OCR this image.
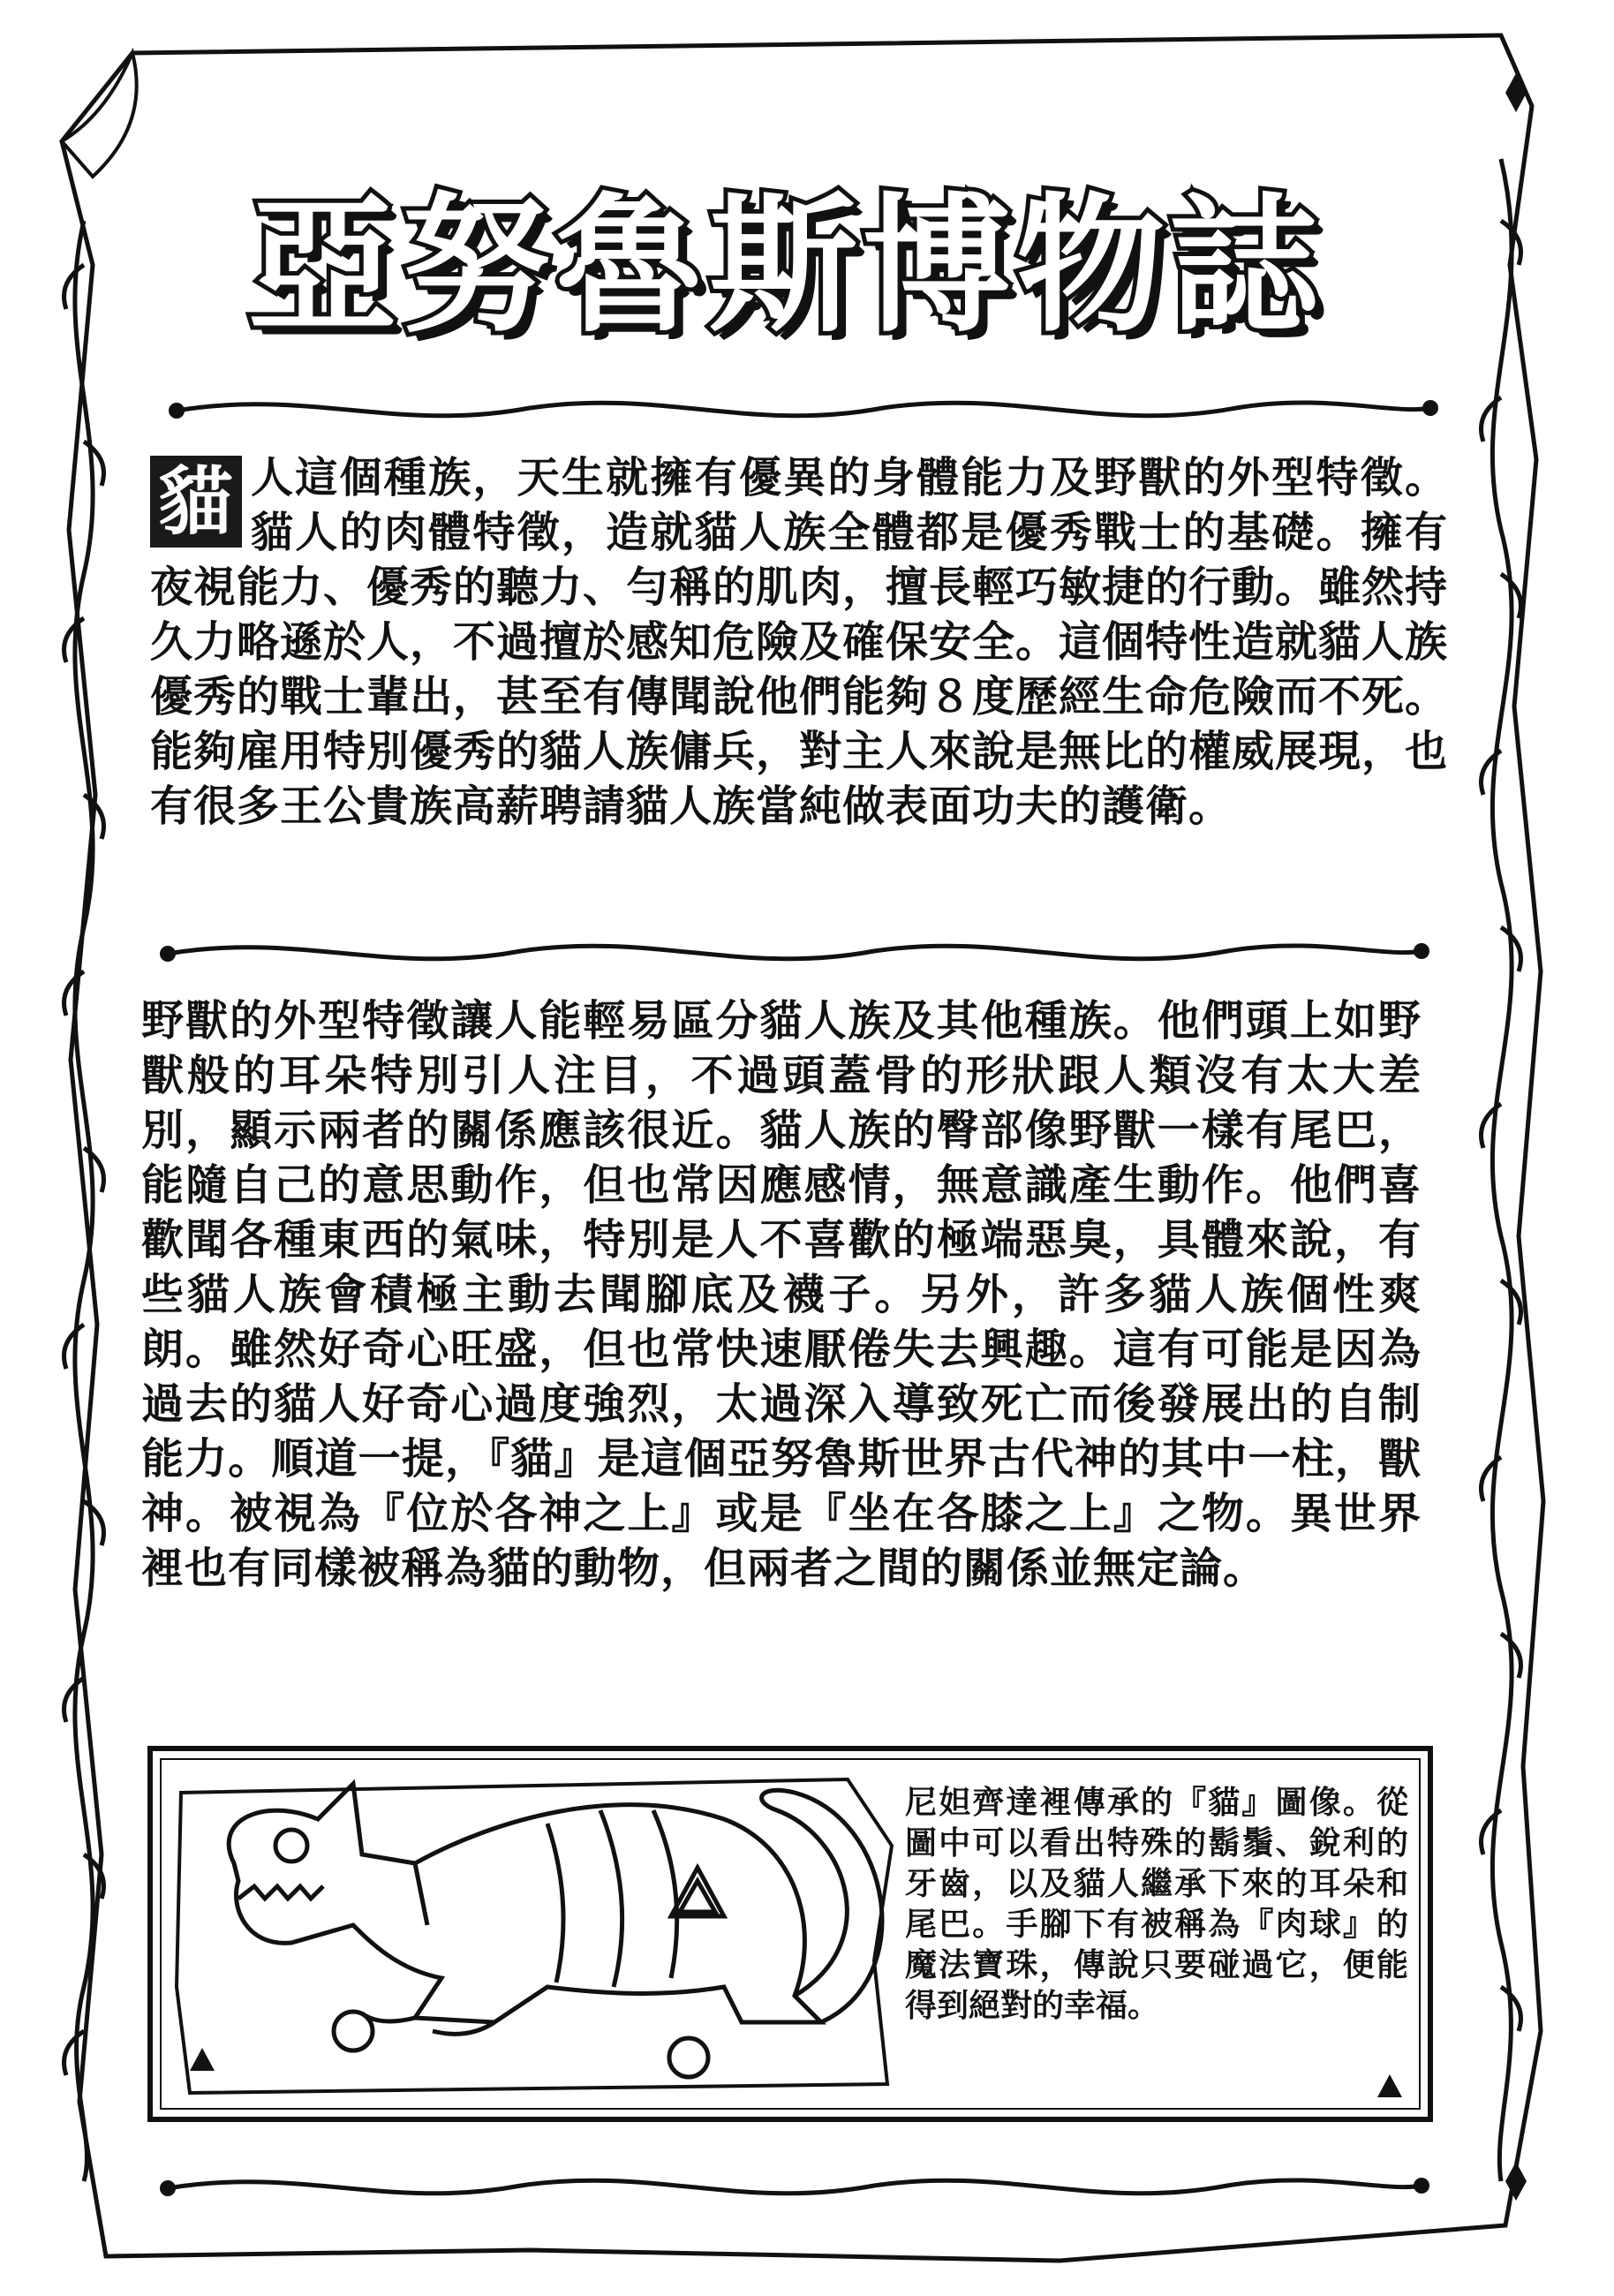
亞努魯斯博物誌
貓 人這個種族，天生就擁有優異的身體能力及野獸的外型特徵。貓人的肉體特徵，造就貓人族全體都是優秀戰士的基礎。擁有夜視能力、優秀的聽力、勻稱的肌肉，擅長輕巧敏捷的行動。雖然持久力略遜於人，不過擅於感知危險及確保安全。這個特性造就貓人族優秀的戰士輩出，甚至有傳聞說他們能夠８度歷經生命危險而不死。能夠雇用特別優秀的貓人族傭兵，對主人來說是無比的權威展現，也有很多王公貴族高薪聘請貓人族當純做表面功夫的護衛。
野獸的外型特徵讓人能輕易區分貓人族及其他種族。他們頭上如野獸般的耳朵特別引人注目，不過頭蓋骨的形狀跟人類沒有太大差別，顯示兩者的關係應該很近。貓人族的臀部像野獸一樣有尾巴，能隨自己的意思動作，但也常因應感情，無意識產生動作。他們喜歡聞各種東西的氣味，特別是人不喜歡的極端惡臭，具體來說，有些貓人族會積極主動去聞腳底及襪子。另外，許多貓人族個性爽朗。雖然好奇心旺盛，但也常快速厭倦失去興趣。這有可能是因為過去的貓人好奇心過度強烈，太過深入導致死亡而後發展出的自制能力。順道一提，『貓』是這個亞努魯斯世界古代神的其中一柱，獸神。被視為『位於各神之上』或是『坐在各膝之上』之物。異世界裡也有同樣被稱為貓的動物，但兩者之間的關係並無定論。
尼妲齊達裡傳承的『貓』圖像。從圖中可以看出特殊的鬍鬚、銳利的牙齒，以及貓人繼承下來的耳朵和尾巴。手腳下有被稱為『肉球』的魔法寶珠，傳說只要碰過它，便能得到絕對的幸福。
